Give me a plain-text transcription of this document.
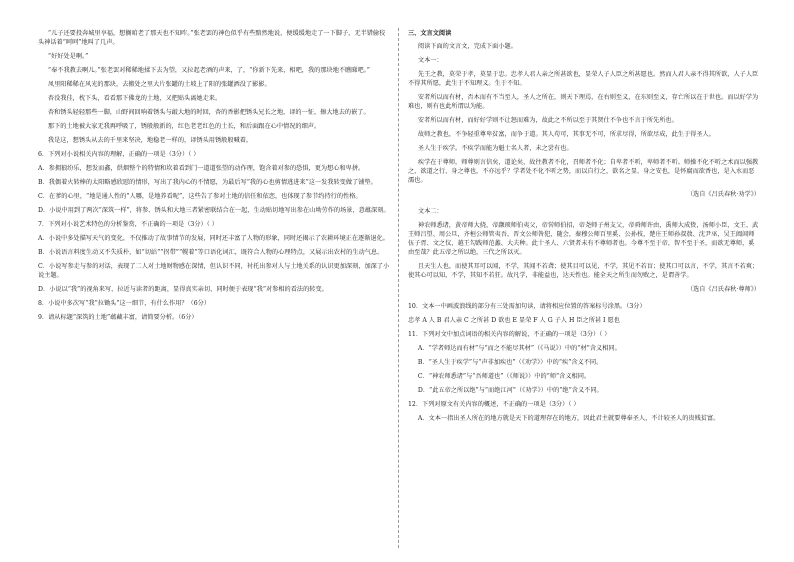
“儿子还要投奔城里享福，想搁咱老了那天也不知咋。”张老罢的神色似乎有些黯然地说，便缓缓地走了一下脚子，无半错偷狡头神话着“呵呵”地叫了几声。

“好好处是啊。”

“奉不我教去啊儿。”张老罢对稀稀地揉下去为望，又拉起老酒的声来，了，“你新下先来，相吧，我的那块地不瞧睇吧。”

凤里阳稀稀在风光的那块，去搬处之里大片张罐的土坡上了阳的张罐洒没了影影。

杏没我佳，枕下头，看看那下佛龙的土地，又把贴头离她走来。

杏和锈头轻轻那些一脚，山野间回响着锈头与敲大地的时回，杏的香影把锈头兄长之地，译的一怔，擦大地去的嵌了。

那下的土地被大家无我再呼吸了，锈般般新的，红色老老红色的土长，和后面跟在心中情况的细声。

我是这，想锈头从去的千里来坚决，地稳老一样的，译锈头用锈般般喊着。

6．下列对小说相关内容的理解，正确的一项是（3分）（ ）

A．参拥狼纷乐，想发而鑫，烘烟整个的特情和坎着看到门一道道张望的动作理，饱含着对参的恐惧，更为想心和卑拼。

B．我偶着火转棒的太阳略感欣慰的情形，写出了我内心的不情愿，为最后写“我的心也剪情逃进来”这一发我转变做了铺垫。

C．在爹的心里，“地是通人性的”人哪，是地养看呢”，这些告了参对土地的信任和依恋，也体现了参节约持行的性格。

D．小说中用到了两次“深筑一样”，将参、锈头和大地三者紧密联结合在一起，生动贴切地写出参在山坳劳作的场景，意蕴深刻。

7．下列对小说艺术特色的分析鉴赏，不正确的一项是（3分）（ ）

A．小说中多处描写天气的变化，不仅推动了故事情节的发展，同时还丰富了人物的形象，同时还揭示了农耕环境正在逐渐退化。

B．小说语言料度生动又不失质朴，如“切站”“拐带”“幌着”等口语化词汇，既符合人物的心理特点，又展示出农村的生动气息。

C．小说写参走与参的对话，表现了二人对土地财物感在深情，但认识不同，衬托出参对人与土地关系的认识更加深刻，加深了小说主题。

D．小说以“我”的视角来写，拉近与读者的距离，显得真实亲切，同时便于表现“我”对参相的看法的转变。

8．小说中多次写“我”拉锄头”这一细节，有什么作用？（6分）

9．请从标题“深筑的土地”蕴藏丰富，请简要分析。（6分）

三、文言文阅读

阅读下面的文言文，完成下面小题。

文本一：

先王之教，莫荣于孝，莫显于忠。忠孝人君人亲之所甚欲也，显荣人子人臣之所甚愿也。然而人君人亲不得其所欲，人子人臣不得其所愿，此生于不知理义。生于不知。

安者所以而有材，否木而有不当至人，圣人之所在，则天下理焉，在右则至义，在东则至义，存亡所以在于世也。而以好学为难也，则有也此所谓以为能。

安者所以而有材，而好好学则不让怒而难为，故此之不所以至于其贤仕不争也不言于所先所也。

故师之教也，不争轻重尊卑贫富，而争于道。其人苟可，其事无不可，所求尽得，所欲尽成，此生于得圣人。

圣人生于疾学。不疾学而能为魁士名人者，未之尝有也。

疾学在于尊师，师尊则言信矣，道论矣，故往教者不化，召师者不化；自卑者不听，卑师者不听。师操不化不听之术而以强教之，欲道之行、身之尊也，不亦远乎？学者处不化不听之势，而以自行之，欲名之显、身之安也，是怀腐而欲香也，是入水而恶濡也。

（选自《吕氏春秋·劝学》）

文本二：

神农师悉诸，黄帝师大挠，帝颛顼师伯夷父，帝喾师伯招，帝尧师子州支父，帝舜师许由，禹师大成贽，汤师小臣，文王、武王师吕望、周公旦，齐桓公师管夷吾，晋文公师咎犯、随会，秦穆公师百里奚、公孙枝，楚庄王师孙叔敖、沈尹巫，吴王阖闾师伍子胥、文之仪，越王勾践师范蠡、大夫种。此十圣人、六贤者未有不尊师者也。今尊不至于帝，智不至于圣，而欲无尊师，奚由至哉？此五帝之所以绝，三代之所以灭。

且天生人也，而使其耳可以闻，不学，其闻不若聋；使其目可以见，不学，其见不若盲；使其口可以言，不学，其言不若爽；使其心可以知，不学，其知不若狂。故凡学，非能益也，达天性也。能全天之所生而勿败之，是谓善学。

（选自《吕氏春秋·尊师》）

10．文本一中画波浪线的部分有三处需加句读，请将相应位置的答案标号涂黑。（3分）

忠孝 A 人 B 君人亲 C 之所甚 D 欲也 E 显荣 F 人 G 子人 H 臣之所甚 I 愿也

11．下列对文中加点词语的相关内容的解说，不正确的一项是（3分）（ ）

A．“学者师达而有材”与“而之不能尽其材”（《马说》）中的“材”含义相同。

B．“圣人生于疾学”与“声非加疾也”（《劝学》）中的“疾”含义不同。

C．“神农师悉诸”与“吾师道也”（《师说》）中的“师”含义相同。

D．“此五帝之所以绝”与“而绝江河”（《劝学》）中的“绝”含义不同。

12．下列对原文有关内容的概述，不正确的一项是（3分）（ ）

A．文本一指出圣人所在的地方就是天下的道理存在的地方，因此君主就要尊奉圣人，不计较圣人的贵贱贫富。
